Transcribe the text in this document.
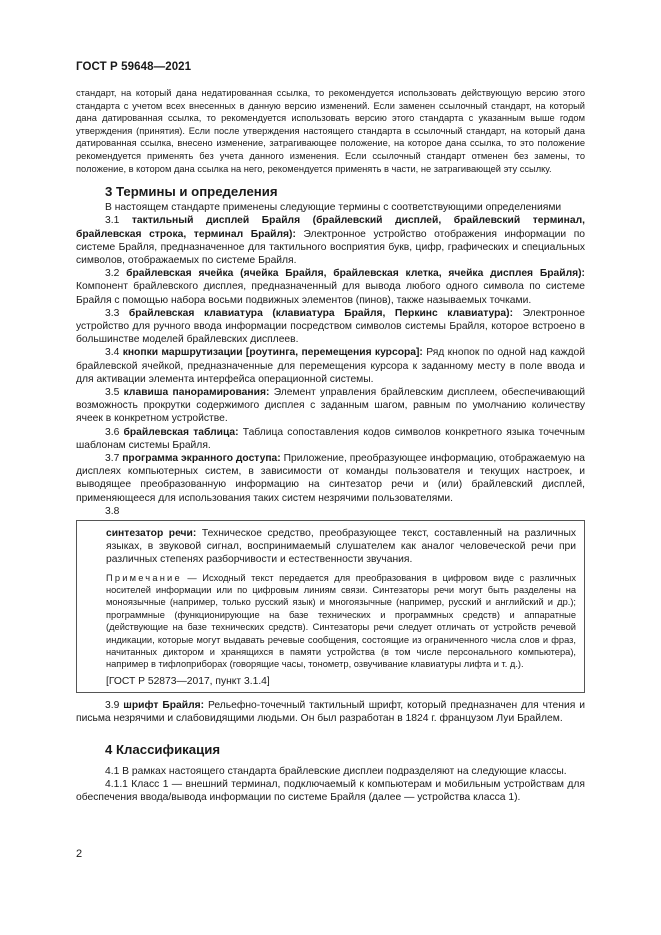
ГОСТ Р 59648—2021

стандарт, на который дана недатированная ссылка, то рекомендуется использовать действующую версию этого стандарта с учетом всех внесенных в данную версию изменений. Если заменен ссылочный стандарт, на который дана датированная ссылка, то рекомендуется использовать версию этого стандарта с указанным выше годом утверждения (принятия). Если после утверждения настоящего стандарта в ссылочный стандарт, на который дана датированная ссылка, внесено изменение, затрагивающее положение, на которое дана ссылка, то это положение рекомендуется применять без учета данного изменения. Если ссылочный стандарт отменен без замены, то положение, в котором дана ссылка на него, рекомендуется применять в части, не затрагивающей эту ссылку.

3 Термины и определения

В настоящем стандарте применены следующие термины с соответствующими определениями

3.1 тактильный дисплей Брайля (брайлевский дисплей, брайлевский терминал, брайлевская строка, терминал Брайля): Электронное устройство отображения информации по системе Брайля, предназначенное для тактильного восприятия букв, цифр, графических и специальных символов, отображаемых по системе Брайля.

3.2 брайлевская ячейка (ячейка Брайля, брайлевская клетка, ячейка дисплея Брайля): Компонент брайлевского дисплея, предназначенный для вывода любого одного символа по системе Брайля с помощью набора восьми подвижных элементов (пинов), также называемых точками.

3.3 брайлевская клавиатура (клавиатура Брайля, Перкинс клавиатура): Электронное устройство для ручного ввода информации посредством символов системы Брайля, которое встроено в большинстве моделей брайлевских дисплеев.

3.4 кнопки маршрутизации [роутинга, перемещения курсора]: Ряд кнопок по одной над каждой брайлевской ячейкой, предназначенные для перемещения курсора к заданному месту в поле ввода и для активации элемента интерфейса операционной системы.

3.5 клавиша панорамирования: Элемент управления брайлевским дисплеем, обеспечивающий возможность прокрутки содержимого дисплея с заданным шагом, равным по умолчанию количеству ячеек в конкретном устройстве.

3.6 брайлевская таблица: Таблица сопоставления кодов символов конкретного языка точечным шаблонам системы Брайля.

3.7 программа экранного доступа: Приложение, преобразующее информацию, отображаемую на дисплеях компьютерных систем, в зависимости от команды пользователя и текущих настроек, и выводящее преобразованную информацию на синтезатор речи и (или) брайлевский дисплей, применяющееся для использования таких систем незрячими пользователями.

3.8

синтезатор речи: Техническое средство, преобразующее текст, составленный на различных языках, в звуковой сигнал, воспринимаемый слушателем как аналог человеческой речи при различных степенях разборчивости и естественности звучания.

Примечание — Исходный текст передается для преобразования в цифровом виде с различных носителей информации или по цифровым линиям связи. Синтезаторы речи могут быть разделены на моноязычные (например, только русский язык) и многоязычные (например, русский и английский и др.); программные (функционирующие на базе технических и программных средств) и аппаратные (действующие на базе технических средств). Синтезаторы речи следует отличать от устройств речевой индикации, которые могут выдавать речевые сообщения, состоящие из ограниченного числа слов и фраз, начитанных диктором и хранящихся в памяти устройства (в том числе персонального компьютера), например в тифлоприборах (говорящие часы, тонометр, озвучивание клавиатуры лифта и т. д.).

[ГОСТ Р 52873—2017, пункт 3.1.4]

3.9 шрифт Брайля: Рельефно-точечный тактильный шрифт, который предназначен для чтения и письма незрячими и слабовидящими людьми. Он был разработан в 1824 г. французом Луи Брайлем.

4 Классификация

4.1 В рамках настоящего стандарта брайлевские дисплеи подразделяют на следующие классы.

4.1.1 Класс 1 — внешний терминал, подключаемый к компьютерам и мобильным устройствам для обеспечения ввода/вывода информации по системе Брайля (далее — устройства класса 1).

2
